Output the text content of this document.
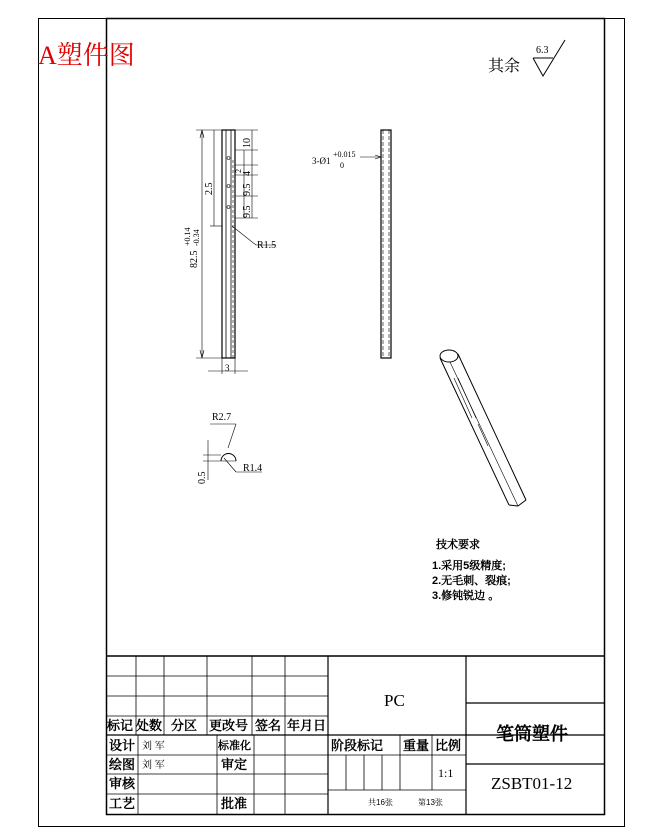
A塑件图	其余
6.3
82.5
+0.14 -0.34
2.5
10
4
9.5
9.5
2
R1.5
3
3-Ø1
+0.015
0
R2.7
R1.4
0.5
技术要求
1.采用5级精度;
2.无毛刺、裂痕;
3.修钝锐边 。
PC
笔筒塑件
ZSBT01-12
标记 处数 分区 更改号 签名 年月日
设计 刘 军	标准化
绘图 刘 军	审定
审核
工艺	批准
阶段标记 重量 比例
1:1
共16张	第13张
